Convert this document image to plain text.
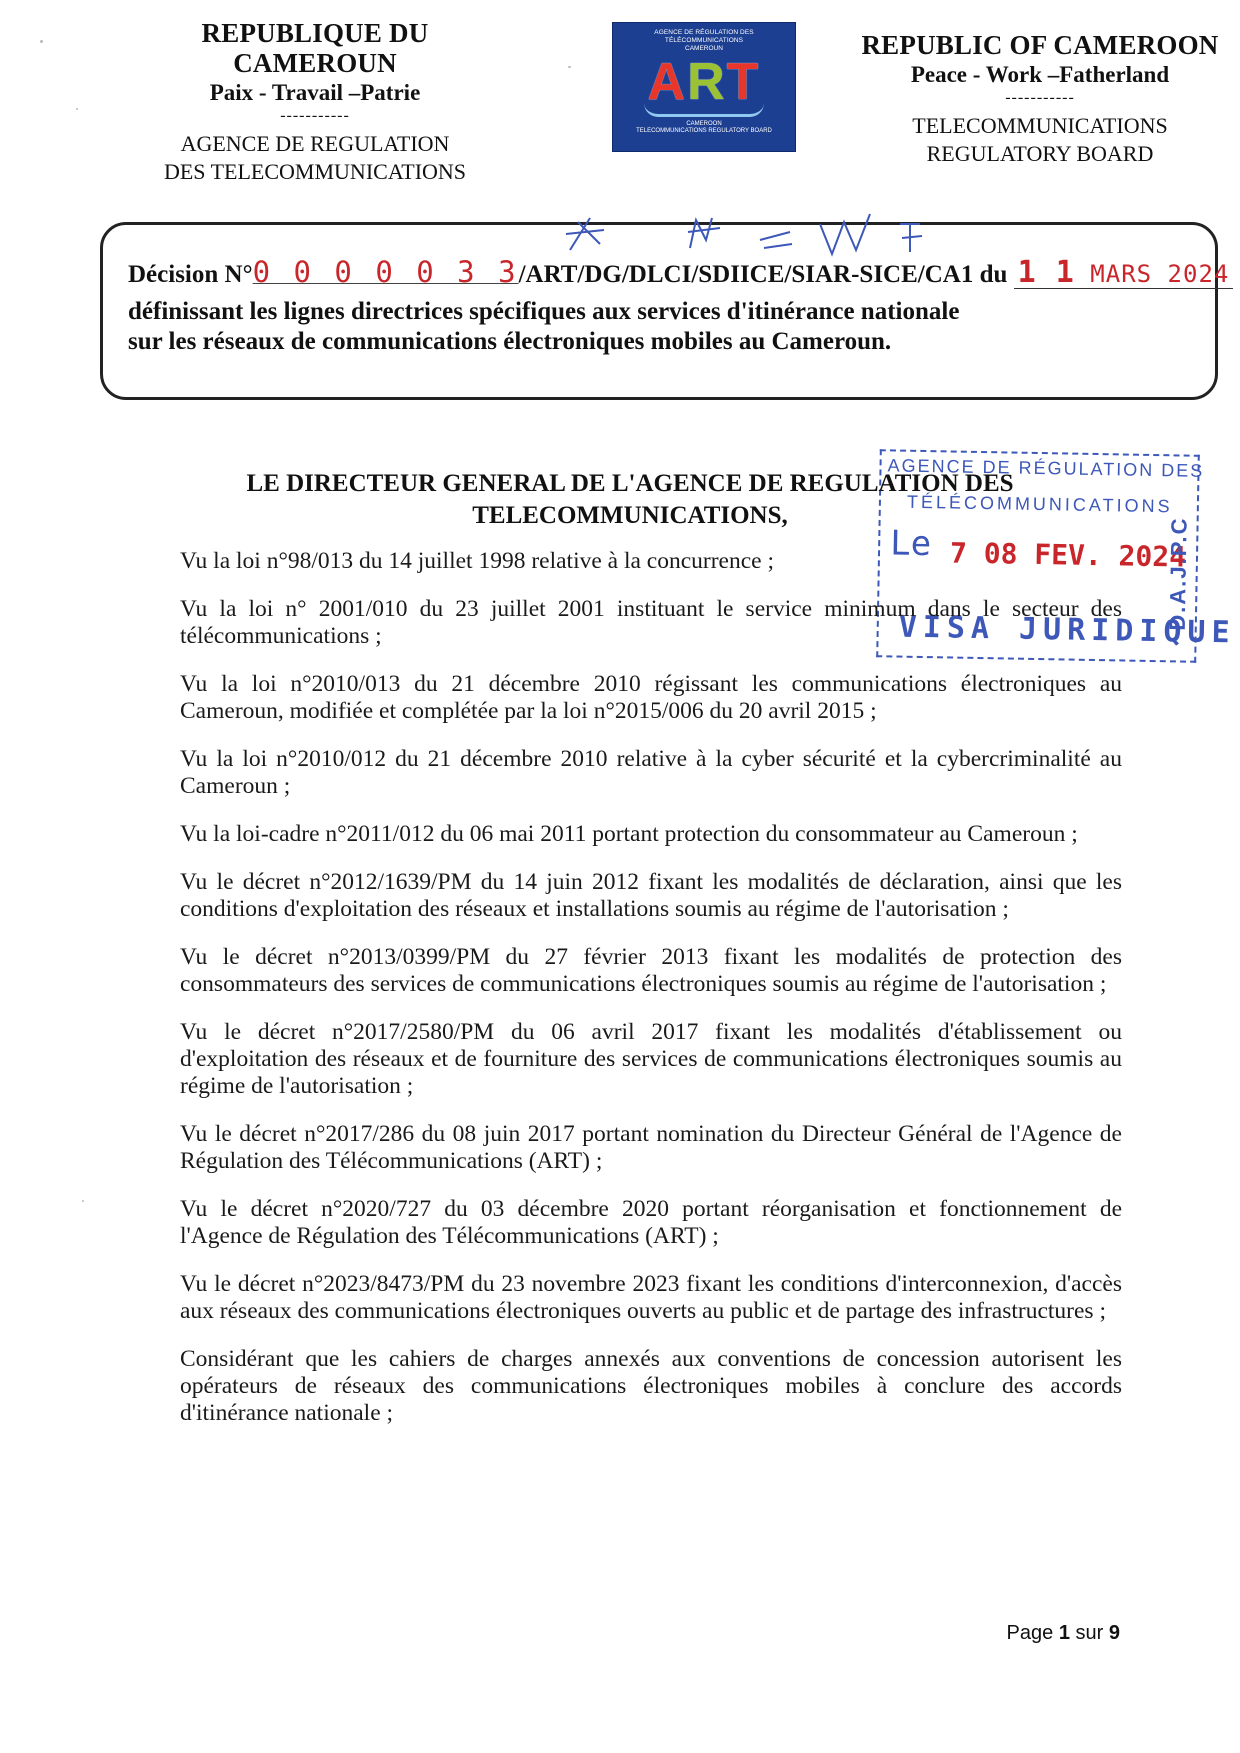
REPUBLIQUE DU CAMEROUN
Paix - Travail –Patrie
-----------
AGENCE DE REGULATION
DES TELECOMMUNICATIONS
AGENCE DE RÉGULATION DES TÉLÉCOMMUNICATIONS
CAMEROUN
ART
CAMEROON
TELECOMMUNICATIONS REGULATORY BOARD
REPUBLIC OF CAMEROON
Peace - Work –Fatherland
-----------
TELECOMMUNICATIONS
REGULATORY BOARD
Décision N°0 0 0 0 0 3 3/ART/DG/DLCI/SDIICE/SIAR-SICE/CA1 du 1 1 MARS 2024
définissant les lignes directrices spécifiques aux services d'itinérance nationale
sur les réseaux de communications électroniques mobiles au Cameroun.
AGENCE DE RÉGULATION DES
TÉLÉCOMMUNICATIONS
Le 7 08 FEV. 2024
VISA JURIDIQUE
D.A.J.P.C
LE DIRECTEUR GENERAL DE L'AGENCE DE REGULATION DES
TELECOMMUNICATIONS,

Vu la loi n°98/013 du 14 juillet 1998 relative à la concurrence ;

Vu la loi n° 2001/010 du 23 juillet 2001 instituant le service minimum dans le secteur des télécommunications ;

Vu la loi n°2010/013 du 21 décembre 2010 régissant les communications électroniques au Cameroun, modifiée et complétée par la loi n°2015/006 du 20 avril 2015 ;

Vu la loi n°2010/012 du 21 décembre 2010 relative à la cyber sécurité et la cybercriminalité au Cameroun ;

Vu la loi-cadre n°2011/012 du 06 mai 2011 portant protection du consommateur au Cameroun ;

Vu le décret n°2012/1639/PM du 14 juin 2012 fixant les modalités de déclaration, ainsi que les conditions d'exploitation des réseaux et installations soumis au régime de l'autorisation ;

Vu le décret n°2013/0399/PM du 27 février 2013 fixant les modalités de protection des consommateurs des services de communications électroniques soumis au régime de l'autorisation ;

Vu le décret n°2017/2580/PM du 06 avril 2017 fixant les modalités d'établissement ou d'exploitation des réseaux et de fourniture des services de communications électroniques soumis au régime de l'autorisation ;

Vu le décret n°2017/286 du 08 juin 2017 portant nomination du Directeur Général de l'Agence de Régulation des Télécommunications (ART) ;

Vu le décret n°2020/727 du 03 décembre 2020 portant réorganisation et fonctionnement de l'Agence de Régulation des Télécommunications (ART) ;

Vu le décret n°2023/8473/PM du 23 novembre 2023 fixant les conditions d'interconnexion, d'accès aux réseaux des communications électroniques ouverts au public et de partage des infrastructures ;

Considérant que les cahiers de charges annexés aux conventions de concession autorisent les opérateurs de réseaux des communications électroniques mobiles à conclure des accords d'itinérance nationale ;

Page 1 sur 9
